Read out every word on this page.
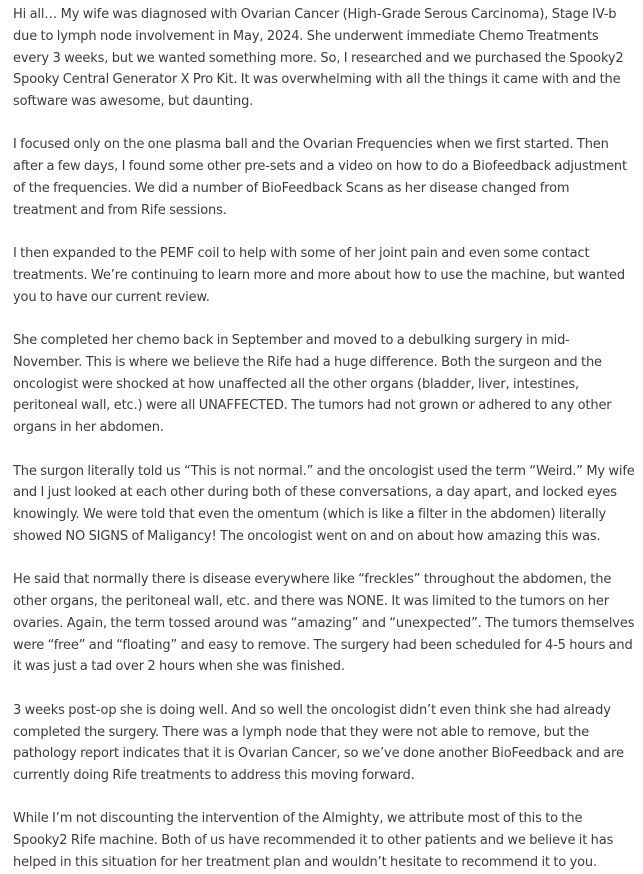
Hi all… My wife was diagnosed with Ovarian Cancer (High-Grade Serous Carcinoma), Stage IV-b due to lymph node involvement in May, 2024. She underwent immediate Chemo Treatments every 3 weeks, but we wanted something more. So, I researched and we purchased the Spooky2 Spooky Central Generator X Pro Kit. It was overwhelming with all the things it came with and the software was awesome, but daunting.

I focused only on the one plasma ball and the Ovarian Frequencies when we first started. Then after a few days, I found some other pre-sets and a video on how to do a Biofeedback adjustment of the frequencies. We did a number of BioFeedback Scans as her disease changed from treatment and from Rife sessions.

I then expanded to the PEMF coil to help with some of her joint pain and even some contact treatments. We’re continuing to learn more and more about how to use the machine, but wanted you to have our current review.

She completed her chemo back in September and moved to a debulking surgery in mid-November. This is where we believe the Rife had a huge difference. Both the surgeon and the oncologist were shocked at how unaffected all the other organs (bladder, liver, intestines, peritoneal wall, etc.) were all UNAFFECTED. The tumors had not grown or adhered to any other organs in her abdomen.

The surgon literally told us “This is not normal.” and the oncologist used the term “Weird.” My wife and I just looked at each other during both of these conversations, a day apart, and locked eyes knowingly. We were told that even the omentum (which is like a filter in the abdomen) literally showed NO SIGNS of Maligancy! The oncologist went on and on about how amazing this was.

He said that normally there is disease everywhere like “freckles” throughout the abdomen, the other organs, the peritoneal wall, etc. and there was NONE. It was limited to the tumors on her ovaries. Again, the term tossed around was “amazing” and “unexpected”. The tumors themselves were “free” and “floating” and easy to remove. The surgery had been scheduled for 4-5 hours and it was just a tad over 2 hours when she was finished.

3 weeks post-op she is doing well. And so well the oncologist didn’t even think she had already completed the surgery. There was a lymph node that they were not able to remove, but the pathology report indicates that it is Ovarian Cancer, so we’ve done another BioFeedback and are currently doing Rife treatments to address this moving forward.

While I’m not discounting the intervention of the Almighty, we attribute most of this to the Spooky2 Rife machine. Both of us have recommended it to other patients and we believe it has helped in this situation for her treatment plan and wouldn’t hesitate to recommend it to you.
